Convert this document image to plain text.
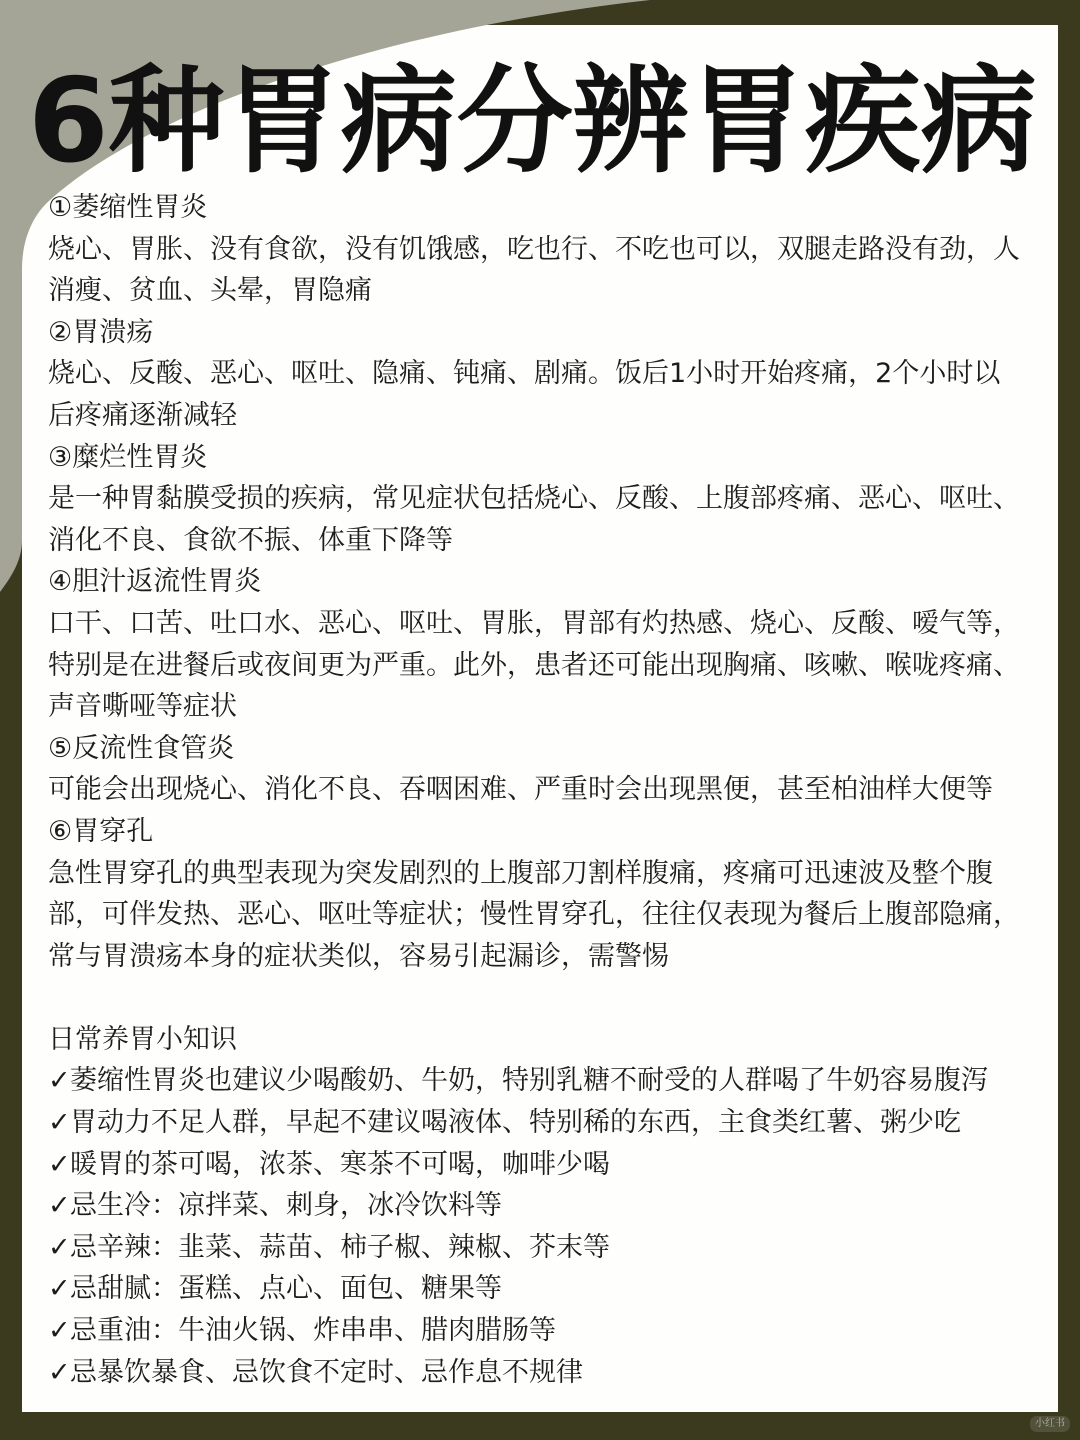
6种胃病分辨胃疾病
①萎缩性胃炎
烧心、胃胀、没有食欲，没有饥饿感，吃也行、不吃也可以，双腿走路没有劲，人
消瘦、贫血、头晕，胃隐痛
②胃溃疡
烧心、反酸、恶心、呕吐、隐痛、钝痛、剧痛。饭后1小时开始疼痛，2个小时以
后疼痛逐渐减轻
③糜烂性胃炎
是一种胃黏膜受损的疾病，常见症状包括烧心、反酸、上腹部疼痛、恶心、呕吐、
消化不良、食欲不振、体重下降等
④胆汁返流性胃炎
口干、口苦、吐口水、恶心、呕吐、胃胀，胃部有灼热感、烧心、反酸、嗳气等，
特别是在进餐后或夜间更为严重。此外，患者还可能出现胸痛、咳嗽、喉咙疼痛、
声音嘶哑等症状
⑤反流性食管炎
可能会出现烧心、消化不良、吞咽困难、严重时会出现黑便，甚至柏油样大便等
⑥胃穿孔
急性胃穿孔的典型表现为突发剧烈的上腹部刀割样腹痛，疼痛可迅速波及整个腹
部，可伴发热、恶心、呕吐等症状；慢性胃穿孔，往往仅表现为餐后上腹部隐痛，
常与胃溃疡本身的症状类似，容易引起漏诊，需警惕
日常养胃小知识
✓萎缩性胃炎也建议少喝酸奶、牛奶，特别乳糖不耐受的人群喝了牛奶容易腹泻
✓胃动力不足人群，早起不建议喝液体、特别稀的东西，主食类红薯、粥少吃
✓暖胃的茶可喝，浓茶、寒茶不可喝，咖啡少喝
✓忌生冷：凉拌菜、刺身，冰冷饮料等
✓忌辛辣：韭菜、蒜苗、柿子椒、辣椒、芥末等
✓忌甜腻：蛋糕、点心、面包、糖果等
✓忌重油：牛油火锅、炸串串、腊肉腊肠等
✓忌暴饮暴食、忌饮食不定时、忌作息不规律
小红书
